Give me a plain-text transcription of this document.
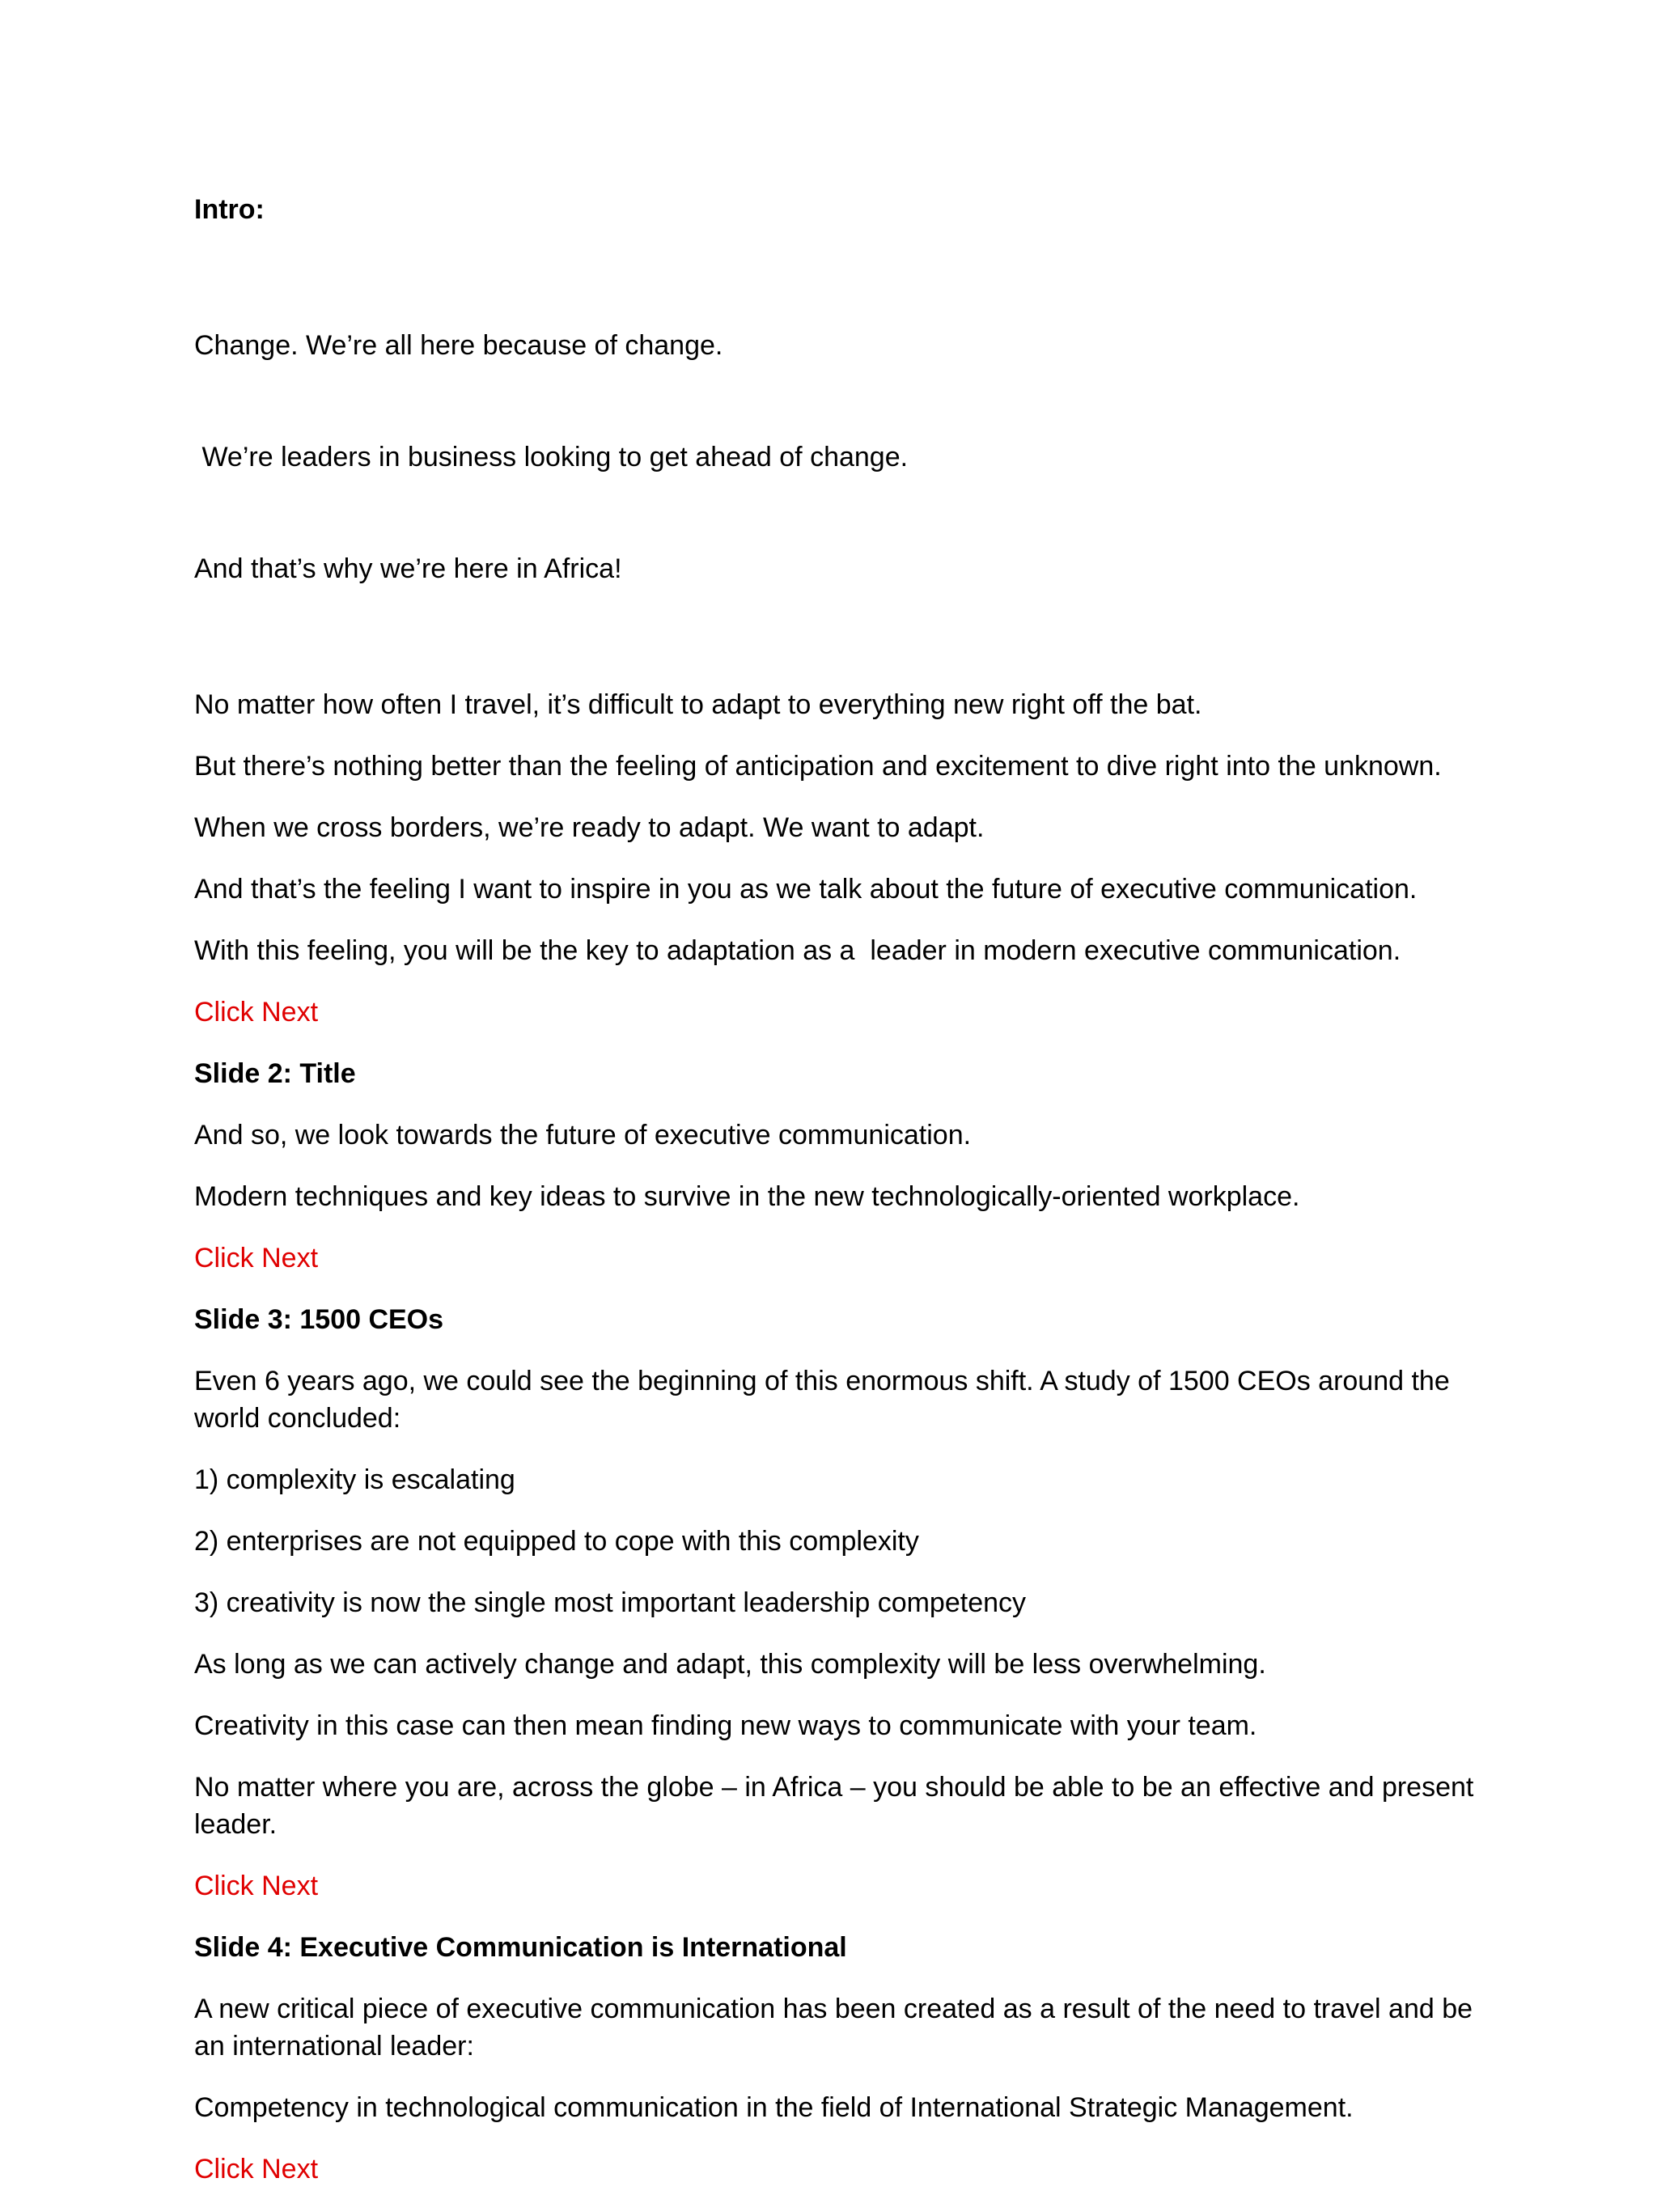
Intro:

Change. We’re all here because of change.

We’re leaders in business looking to get ahead of change.

And that’s why we’re here in Africa!

No matter how often I travel, it’s difficult to adapt to everything new right off the bat.

But there’s nothing better than the feeling of anticipation and excitement to dive right into the unknown.

When we cross borders, we’re ready to adapt. We want to adapt.

And that’s the feeling I want to inspire in you as we talk about the future of executive communication.

With this feeling, you will be the key to adaptation as a  leader in modern executive communication.

Click Next
Slide 2: Title

And so, we look towards the future of executive communication.

Modern techniques and key ideas to survive in the new technologically-oriented workplace.

Click Next
Slide 3: 1500 CEOs

Even 6 years ago, we could see the beginning of this enormous shift. A study of 1500 CEOs around the world concluded:

1) complexity is escalating

2) enterprises are not equipped to cope with this complexity

3) creativity is now the single most important leadership competency

As long as we can actively change and adapt, this complexity will be less overwhelming.

Creativity in this case can then mean finding new ways to communicate with your team.

No matter where you are, across the globe – in Africa – you should be able to be an effective and present leader.

Click Next
Slide 4: Executive Communication is International

A new critical piece of executive communication has been created as a result of the need to travel and be an international leader:

Competency in technological communication in the field of International Strategic Management.

Click Next
